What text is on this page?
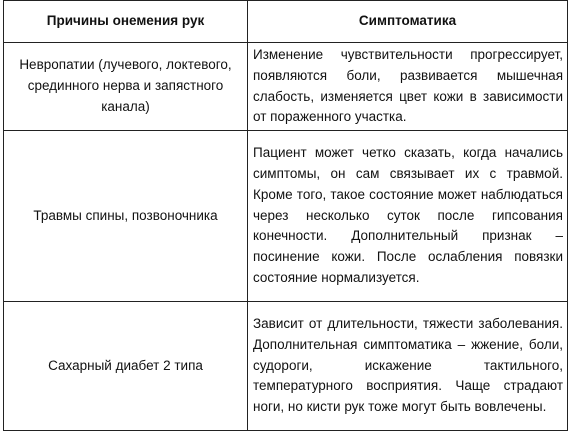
Причины онемения рук	Симптоматика
Невропатии (лучевого, локтевого, срединного нерва и запястного канала)	Изменение чувствительности прогрессирует, появляются боли, развивается мышечная слабость, изменяется цвет кожи в зависимости от пораженного участка.
Травмы спины, позвоночника	Пациент может четко сказать, когда начались симптомы, он сам связывает их с травмой. Кроме того, такое состояние может наблюдаться через несколько суток после гипсования конечности. Дополнительный признак – посинение кожи. После ослабления повязки состояние нормализуется.
Сахарный диабет 2 типа	Зависит от длительности, тяжести заболевания. Дополнительная симптоматика – жжение, боли, судороги, искажение тактильного, температурного восприятия. Чаще страдают ноги, но кисти рук тоже могут быть вовлечены.
